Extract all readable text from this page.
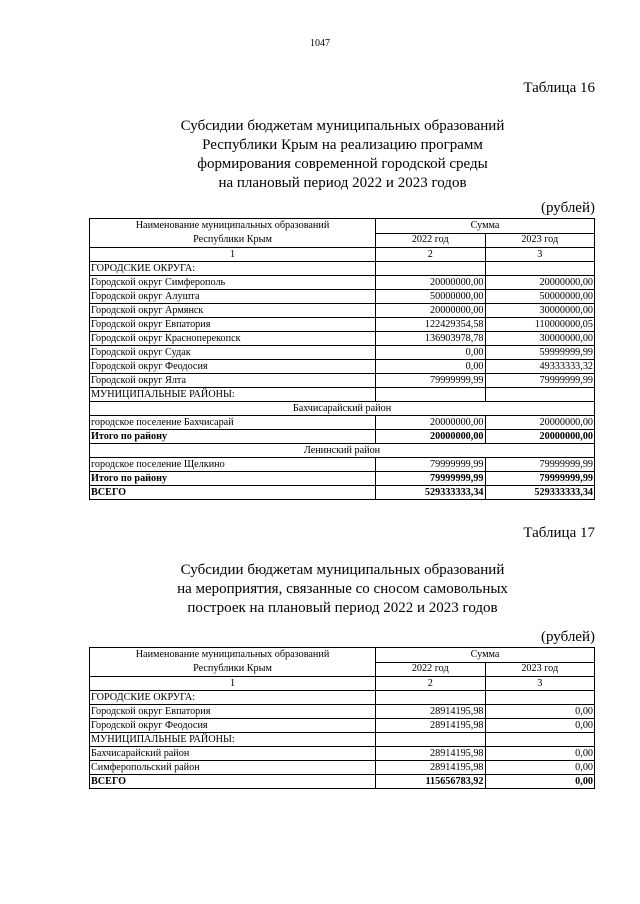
1047
Таблица 16
Субсидии бюджетам муниципальных образований
Республики Крым на реализацию программ
формирования современной городской среды
на плановый период 2022 и 2023 годов
(рублей)
Наименование муниципальных образований
Республики Крым	Сумма	
	2022 год	2023 год
1	2	3
ГОРОДСКИЕ ОКРУГА:		
Городской округ Симферополь	20000000,00	20000000,00
Городской округ Алушта	50000000,00	50000000,00
Городской округ Армянск	20000000,00	30000000,00
Городской округ Евпатория	122429354,58	110000000,05
Городской округ Красноперекопск	136903978,78	30000000,00
Городской округ Судак	0,00	59999999,99
Городской округ Феодосия	0,00	49333333,32
Городской округ Ялта	79999999,99	79999999,99
МУНИЦИПАЛЬНЫЕ РАЙОНЫ:		
Бахчисарайский район		
городское поселение Бахчисарай	20000000,00	20000000,00
Итого по району	20000000,00	20000000,00
Ленинский район		
городское поселение Щелкино	79999999,99	79999999,99
Итого по району	79999999,99	79999999,99
ВСЕГО	529333333,34	529333333,34
Таблица 17
Субсидии бюджетам муниципальных образований
на мероприятия, связанные со сносом самовольных
построек на плановый период 2022 и 2023 годов
(рублей)
Наименование муниципальных образований
Республики Крым	Сумма	
	2022 год	2023 год
1	2	3
ГОРОДСКИЕ ОКРУГА:		
Городской округ Евпатория	28914195,98	0,00
Городской округ Феодосия	28914195,98	0,00
МУНИЦИПАЛЬНЫЕ РАЙОНЫ:		
Бахчисарайский район	28914195,98	0,00
Симферопольский район	28914195,98	0,00
ВСЕГО	115656783,92	0,00
